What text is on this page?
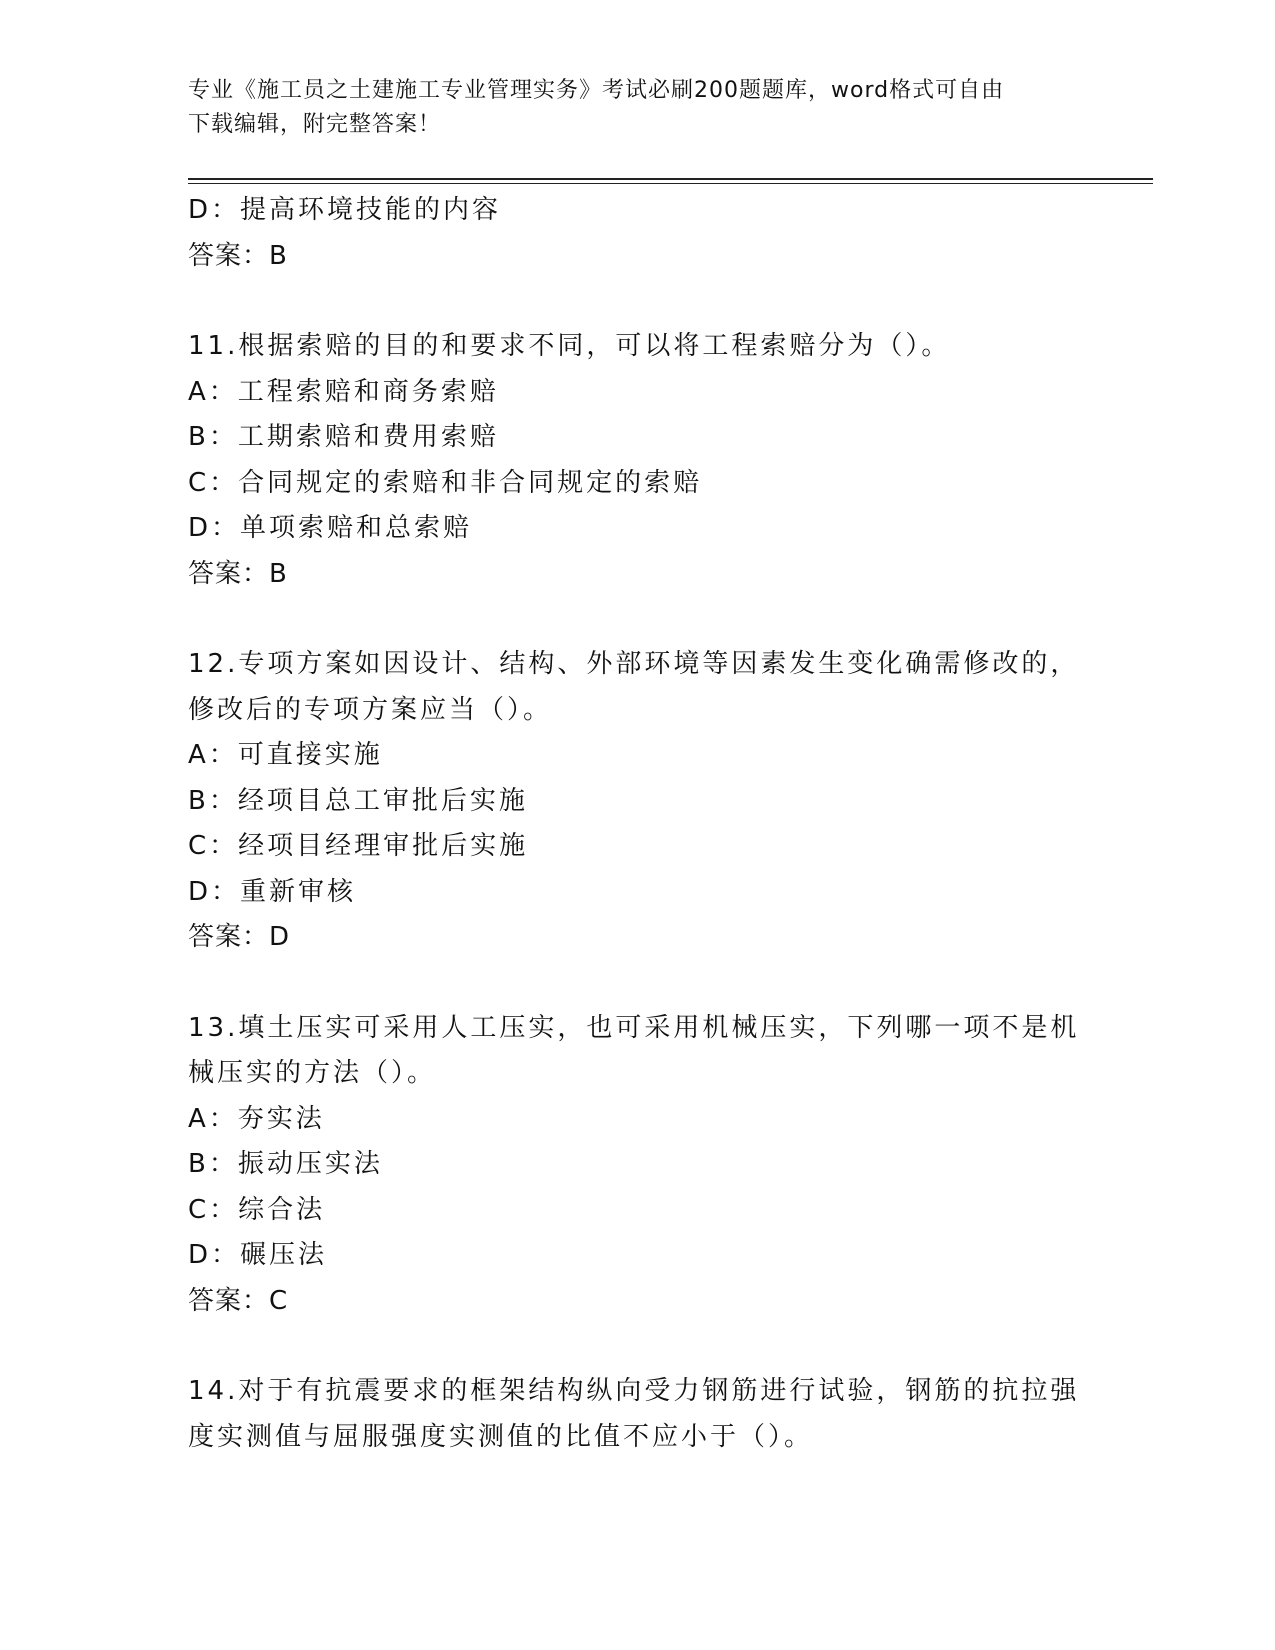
专业《施工员之土建施工专业管理实务》考试必刷200题题库，word格式可自由
下载编辑，附完整答案！
D：提高环境技能的内容
答案：B
11.根据索赔的目的和要求不同，可以将工程索赔分为（）。
A：工程索赔和商务索赔
B：工期索赔和费用索赔
C：合同规定的索赔和非合同规定的索赔
D：单项索赔和总索赔
答案：B
12.专项方案如因设计、结构、外部环境等因素发生变化确需修改的，
修改后的专项方案应当（）。
A：可直接实施
B：经项目总工审批后实施
C：经项目经理审批后实施
D：重新审核
答案：D
13.填土压实可采用人工压实，也可采用机械压实，下列哪一项不是机
械压实的方法（）。
A：夯实法
B：振动压实法
C：综合法
D：碾压法
答案：C
14.对于有抗震要求的框架结构纵向受力钢筋进行试验，钢筋的抗拉强
度实测值与屈服强度实测值的比值不应小于（）。
